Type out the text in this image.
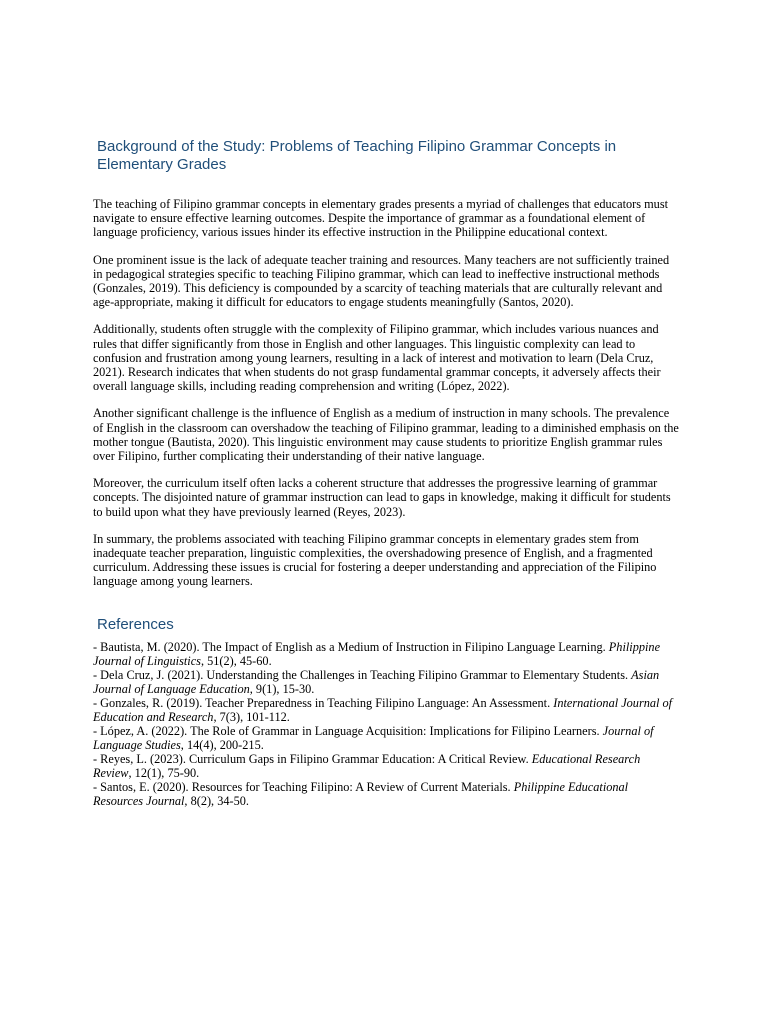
Background of the Study: Problems of Teaching Filipino Grammar Concepts in Elementary Grades

The teaching of Filipino grammar concepts in elementary grades presents a myriad of challenges that educators must navigate to ensure effective learning outcomes. Despite the importance of grammar as a foundational element of language proficiency, various issues hinder its effective instruction in the Philippine educational context.

One prominent issue is the lack of adequate teacher training and resources. Many teachers are not sufficiently trained in pedagogical strategies specific to teaching Filipino grammar, which can lead to ineffective instructional methods (Gonzales, 2019). This deficiency is compounded by a scarcity of teaching materials that are culturally relevant and age-appropriate, making it difficult for educators to engage students meaningfully (Santos, 2020).

Additionally, students often struggle with the complexity of Filipino grammar, which includes various nuances and rules that differ significantly from those in English and other languages. This linguistic complexity can lead to confusion and frustration among young learners, resulting in a lack of interest and motivation to learn (Dela Cruz, 2021). Research indicates that when students do not grasp fundamental grammar concepts, it adversely affects their overall language skills, including reading comprehension and writing (López, 2022).

Another significant challenge is the influence of English as a medium of instruction in many schools. The prevalence of English in the classroom can overshadow the teaching of Filipino grammar, leading to a diminished emphasis on the mother tongue (Bautista, 2020). This linguistic environment may cause students to prioritize English grammar rules over Filipino, further complicating their understanding of their native language.

Moreover, the curriculum itself often lacks a coherent structure that addresses the progressive learning of grammar concepts. The disjointed nature of grammar instruction can lead to gaps in knowledge, making it difficult for students to build upon what they have previously learned (Reyes, 2023).

In summary, the problems associated with teaching Filipino grammar concepts in elementary grades stem from inadequate teacher preparation, linguistic complexities, the overshadowing presence of English, and a fragmented curriculum. Addressing these issues is crucial for fostering a deeper understanding and appreciation of the Filipino language among young learners.

References

- Bautista, M. (2020). The Impact of English as a Medium of Instruction in Filipino Language Learning. Philippine Journal of Linguistics, 51(2), 45-60.

- Dela Cruz, J. (2021). Understanding the Challenges in Teaching Filipino Grammar to Elementary Students. Asian Journal of Language Education, 9(1), 15-30.

- Gonzales, R. (2019). Teacher Preparedness in Teaching Filipino Language: An Assessment. International Journal of Education and Research, 7(3), 101-112.

- López, A. (2022). The Role of Grammar in Language Acquisition: Implications for Filipino Learners. Journal of Language Studies, 14(4), 200-215.

- Reyes, L. (2023). Curriculum Gaps in Filipino Grammar Education: A Critical Review. Educational Research Review, 12(1), 75-90.

- Santos, E. (2020). Resources for Teaching Filipino: A Review of Current Materials. Philippine Educational Resources Journal, 8(2), 34-50.
